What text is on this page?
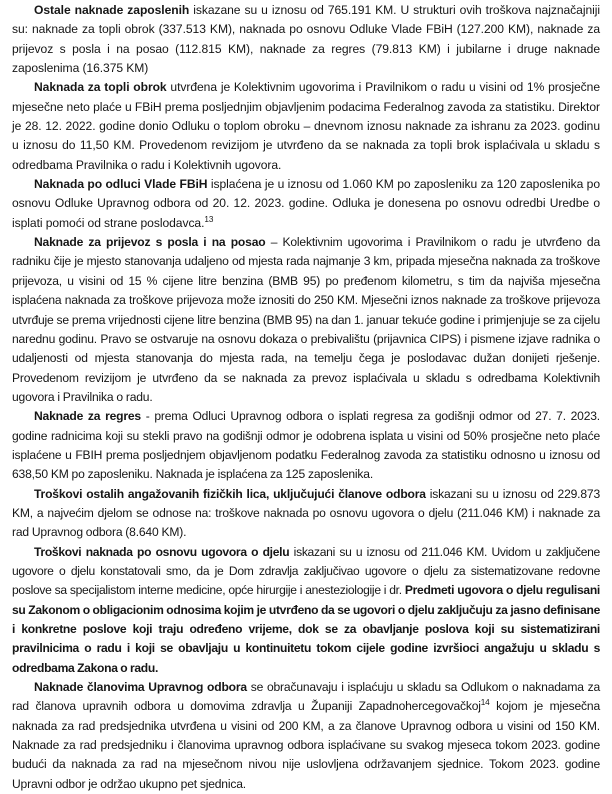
Ostale naknade zaposlenih iskazane su u iznosu od 765.191 KM. U strukturi ovih troškova najznačajniji su: naknade za topli obrok (337.513 KM), naknada po osnovu Odluke Vlade FBiH (127.200 KM), naknade za prijevoz s posla i na posao (112.815 KM), naknade za regres (79.813 KM) i jubilarne i druge naknade zaposlenima (16.375 KM)

Naknada za topli obrok utvrđena je Kolektivnim ugovorima i Pravilnikom o radu u visini od 1% prosječne mjesečne neto plaće u FBiH prema posljednjim objavljenim podacima Federalnog zavoda za statistiku. Direktor je 28. 12. 2022. godine donio Odluku o toplom obroku – dnevnom iznosu naknade za ishranu za 2023. godinu u iznosu do 11,50 KM. Provedenom revizijom je utvrđeno da se naknada za topli brok isplaćivala u skladu s odredbama Pravilnika o radu i Kolektivnih ugovora.

Naknada po odluci Vlade FBiH isplaćena je u iznosu od 1.060 KM po zaposleniku za 120 zaposlenika po osnovu Odluke Upravnog odbora od 20. 12. 2023. godine. Odluka je donesena po osnovu odredbi Uredbe o isplati pomoći od strane poslodavca.$^{13}$

Naknade za prijevoz s posla i na posao – Kolektivnim ugovorima i Pravilnikom o radu je utvrđeno da radniku čije je mjesto stanovanja udaljeno od mjesta rada najmanje 3 km, pripada mjesečna naknada za troškove prijevoza, u visini od 15 % cijene litre benzina (BMB 95) po pređenom kilometru, s tim da najviša mjesečna isplaćena naknada za troškove prijevoza može iznositi do 250 KM. Mjesečni iznos naknade za troškove prijevoza utvrđuje se prema vrijednosti cijene litre benzina (BMB 95) na dan 1. januar tekuće godine i primjenjuje se za cijelu narednu godinu. Pravo se ostvaruje na osnovu dokaza o prebivalištu (prijavnica CIPS) i pismene izjave radnika o udaljenosti od mjesta stanovanja do mjesta rada, na temelju čega je poslodavac dužan donijeti rješenje. Provedenom revizijom je utvrđeno da se naknada za prevoz isplaćivala u skladu s odredbama Kolektivnih ugovora i Pravilnika o radu.

Naknade za regres - prema Odluci Upravnog odbora o isplati regresa za godišnji odmor od 27. 7. 2023. godine radnicima koji su stekli pravo na godišnji odmor je odobrena isplata u visini od 50% prosječne neto plaće isplaćene u FBIH prema posljednjem objavljenom podatku Federalnog zavoda za statistiku odnosno u iznosu od 638,50 KM po zaposleniku. Naknada je isplaćena za 125 zaposlenika.

Troškovi ostalih angažovanih fizičkih lica, uključujući članove odbora iskazani su u iznosu od 229.873 KM, a najvećim djelom se odnose na: troškove naknada po osnovu ugovora o djelu (211.046 KM) i naknade za rad Upravnog odbora (8.640 KM).

Troškovi naknada po osnovu ugovora o djelu iskazani su u iznosu od 211.046 KM. Uvidom u zaključene ugovore o djelu konstatovali smo, da je Dom zdravlja zaključivao ugovore o djelu za sistematizovane redovne poslove sa specijalistom interne medicine, opće hirurgije i anesteziologije i dr. Predmeti ugovora o djelu regulisani su Zakonom o obligacionim odnosima kojim je utvrđeno da se ugovori o djelu zaključuju za jasno definisane i konkretne poslove koji traju određeno vrijeme, dok se za obavljanje poslova koji su sistematizirani pravilnicima o radu i koji se obavljaju u kontinuitetu tokom cijele godine izvršioci angažuju u skladu s odredbama Zakona o radu.

Naknade članovima Upravnog odbora se obračunavaju i isplaćuju u skladu sa Odlukom o naknadama za rad članova upravnih odbora u domovima zdravlja u Županiji Zapadnohercegovačkoj$^{14}$ kojom je mjesečna naknada za rad predsjednika utvrđena u visini od 200 KM, a za članove Upravnog odbora u visini od 150 KM. Naknade za rad predsjedniku i članovima upravnog odbora isplaćivane su svakog mjeseca tokom 2023. godine budući da naknada za rad na mjesečnom nivou nije uslovljena održavanjem sjednice. Tokom 2023. godine Upravni odbor je održao ukupno pet sjednica.
